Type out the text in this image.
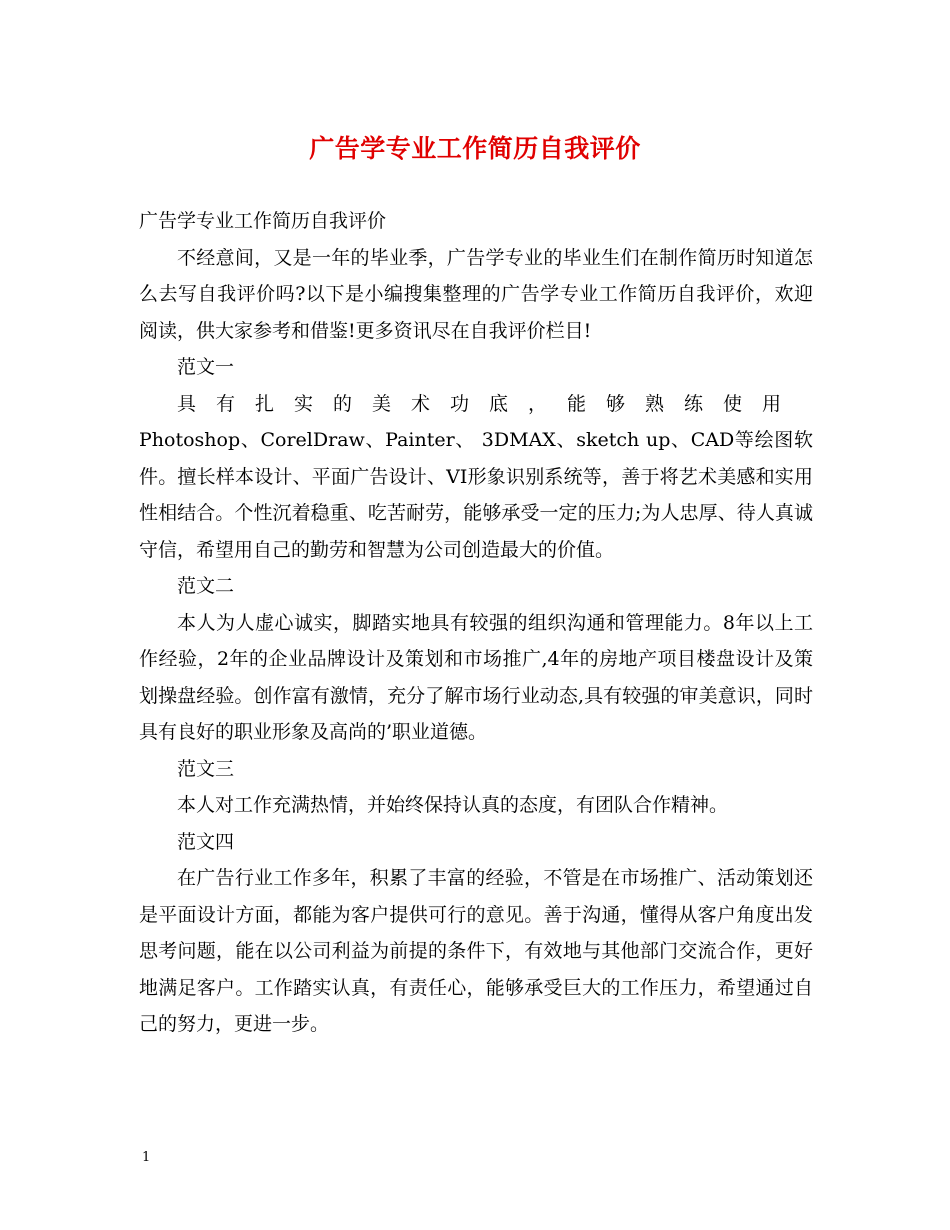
广告学专业工作简历自我评价

广告学专业工作简历自我评价

不经意间，又是一年的毕业季，广告学专业的毕业生们在制作简历时知道怎么去写自我评价吗?以下是小编搜集整理的广告学专业工作简历自我评价，欢迎阅读，供大家参考和借鉴!更多资讯尽在自我评价栏目!

范文一

具有扎实的美术功底，能够熟练使用

Photoshop、CorelDraw、Painter、 3DMAX、sketch up、CAD等绘图软件。擅长样本设计、平面广告设计、VI形象识别系统等，善于将艺术美感和实用性相结合。个性沉着稳重、吃苦耐劳，能够承受一定的压力;为人忠厚、待人真诚守信，希望用自己的勤劳和智慧为公司创造最大的价值。

范文二

本人为人虚心诚实，脚踏实地具有较强的组织沟通和管理能力。8年以上工作经验，2年的企业品牌设计及策划和市场推广,4年的房地产项目楼盘设计及策划操盘经验。创作富有激情，充分了解市场行业动态,具有较强的审美意识，同时具有良好的职业形象及高尚的’职业道德。

范文三

本人对工作充满热情，并始终保持认真的态度，有团队合作精神。

范文四

在广告行业工作多年，积累了丰富的经验，不管是在市场推广、活动策划还是平面设计方面，都能为客户提供可行的意见。善于沟通，懂得从客户角度出发思考问题，能在以公司利益为前提的条件下，有效地与其他部门交流合作，更好地满足客户。工作踏实认真，有责任心，能够承受巨大的工作压力，希望通过自己的努力，更进一步。

1
